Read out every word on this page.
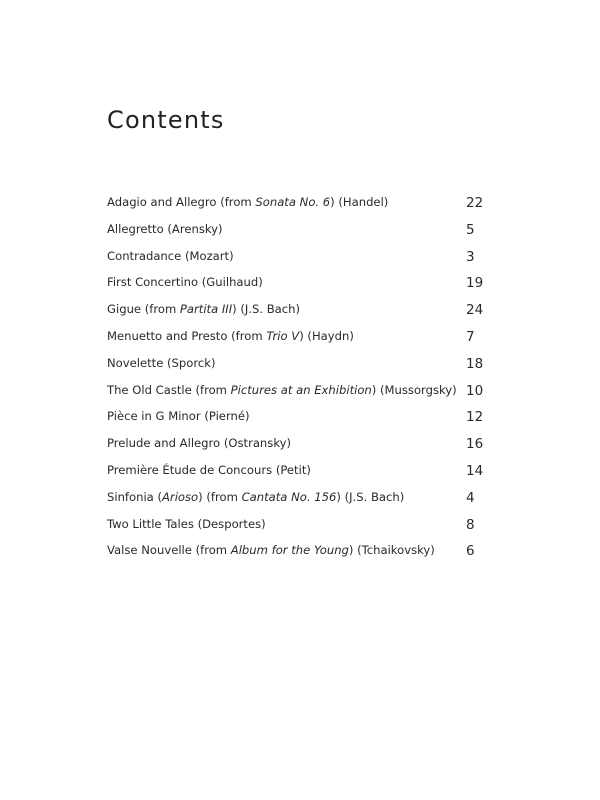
Contents
Adagio and Allegro (from Sonata No. 6) (Handel)	22
Allegretto (Arensky)	5
Contradance (Mozart)	3
First Concertino (Guilhaud)	19
Gigue (from Partita III) (J.S. Bach)	24
Menuetto and Presto (from Trio V) (Haydn)	7
Novelette (Sporck)	18
The Old Castle (from Pictures at an Exhibition) (Mussorgsky) 10
Pièce in G Minor (Pierné)	12
Prelude and Allegro (Ostransky)	16
Première Étude de Concours (Petit)	14
Sinfonia (Arioso) (from Cantata No. 156) (J.S. Bach)	4
Two Little Tales (Desportes)	8
Valse Nouvelle (from Album for the Young) (Tchaikovsky) 6
